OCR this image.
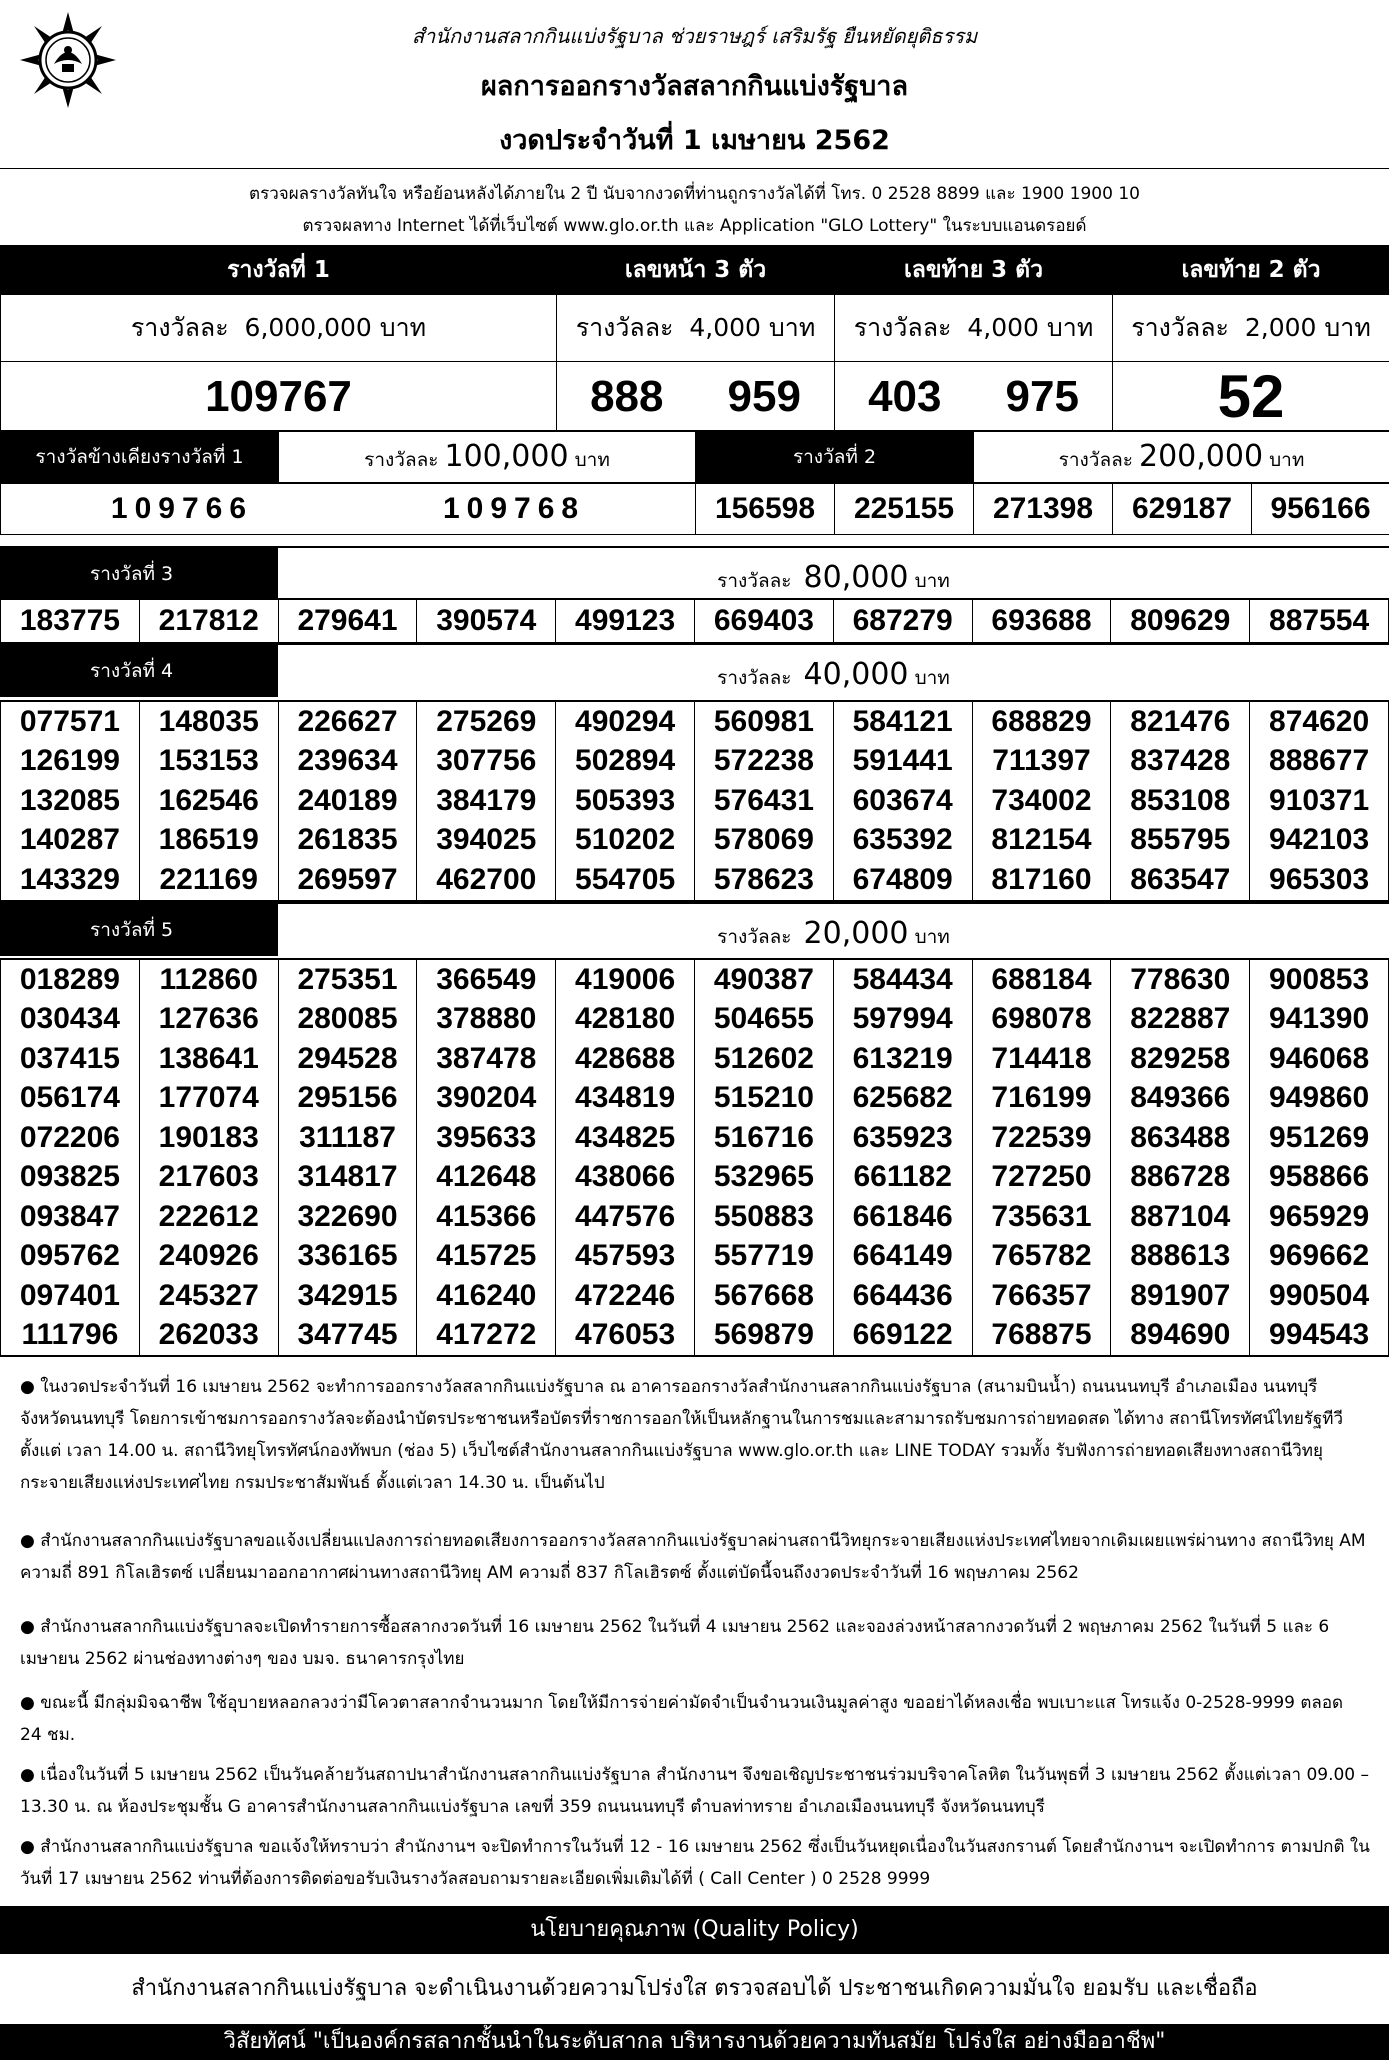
สำนักงานสลากกินแบ่งรัฐบาล ช่วยราษฎร์ เสริมรัฐ ยืนหยัดยุติธรรม
ผลการออกรางวัลสลากกินแบ่งรัฐบาล
งวดประจำวันที่ 1 เมษายน 2562
ตรวจผลรางวัลทันใจ หรือย้อนหลังได้ภายใน 2 ปี นับจากงวดที่ท่านถูกรางวัลได้ที่ โทร. 0 2528 8899 และ 1900 1900 10
ตรวจผลทาง Internet ได้ที่เว็บไซต์ www.glo.or.th และ Application "GLO Lottery" ในระบบแอนดรอยด์
รางวัลที่ 1	เลขหน้า 3 ตัว	เลขท้าย 3 ตัว	เลขท้าย 2 ตัว
รางวัลละ 6,000,000 บาท	รางวัลละ 4,000 บาท	รางวัลละ 4,000 บาท	รางวัลละ 2,000 บาท
109767	888 959	403 975	52
รางวัลข้างเคียงรางวัลที่ 1	รางวัลละ 100,000 บาท	รางวัลที่ 2	รางวัลละ 200,000 บาท
109766	109768	156598	225155	271398	629187	956166
รางวัลที่ 3	รางวัลละ 80,000 บาท
183775	217812	279641	390574	499123	669403	687279	693688	809629	887554
รางวัลที่ 4	รางวัลละ 40,000 บาท
077571	148035	226627	275269	490294	560981	584121	688829	821476	874620
126199	153153	239634	307756	502894	572238	591441	711397	837428	888677
132085	162546	240189	384179	505393	576431	603674	734002	853108	910371
140287	186519	261835	394025	510202	578069	635392	812154	855795	942103
143329	221169	269597	462700	554705	578623	674809	817160	863547	965303
รางวัลที่ 5	รางวัลละ 20,000 บาท
018289	112860	275351	366549	419006	490387	584434	688184	778630	900853
030434	127636	280085	378880	428180	504655	597994	698078	822887	941390
037415	138641	294528	387478	428688	512602	613219	714418	829258	946068
056174	177074	295156	390204	434819	515210	625682	716199	849366	949860
072206	190183	311187	395633	434825	516716	635923	722539	863488	951269
093825	217603	314817	412648	438066	532965	661182	727250	886728	958866
093847	222612	322690	415366	447576	550883	661846	735631	887104	965929
095762	240926	336165	415725	457593	557719	664149	765782	888613	969662
097401	245327	342915	416240	472246	567668	664436	766357	891907	990504
111796	262033	347745	417272	476053	569879	669122	768875	894690	994543
● ในงวดประจำวันที่ 16 เมษายน 2562 จะทำการออกรางวัลสลากกินแบ่งรัฐบาล ณ อาคารออกรางวัลสำนักงานสลากกินแบ่งรัฐบาล (สนามบินน้ำ) ถนนนนทบุรี อำเภอเมือง นนทบุรี จังหวัดนนทบุรี โดยการเข้าชมการออกรางวัลจะต้องนำบัตรประชาชนหรือบัตรที่ราชการออกให้เป็นหลักฐานในการชมและสามารถรับชมการถ่ายทอดสด ได้ทาง สถานีโทรทัศน์ไทยรัฐทีวี ตั้งแต่ เวลา 14.00 น. สถานีวิทยุโทรทัศน์กองทัพบก (ช่อง 5) เว็บไซต์สำนักงานสลากกินแบ่งรัฐบาล www.glo.or.th และ LINE TODAY รวมทั้ง รับฟังการถ่ายทอดเสียงทางสถานีวิทยุกระจายเสียงแห่งประเทศไทย กรมประชาสัมพันธ์ ตั้งแต่เวลา 14.30 น. เป็นต้นไป
● สำนักงานสลากกินแบ่งรัฐบาลขอแจ้งเปลี่ยนแปลงการถ่ายทอดเสียงการออกรางวัลสลากกินแบ่งรัฐบาลผ่านสถานีวิทยุกระจายเสียงแห่งประเทศไทยจากเดิมเผยแพร่ผ่านทาง สถานีวิทยุ AM ความถี่ 891 กิโลเฮิรตซ์ เปลี่ยนมาออกอากาศผ่านทางสถานีวิทยุ AM ความถี่ 837 กิโลเฮิรตซ์ ตั้งแต่บัดนี้จนถึงงวดประจำวันที่ 16 พฤษภาคม 2562
● สำนักงานสลากกินแบ่งรัฐบาลจะเปิดทำรายการซื้อสลากงวดวันที่ 16 เมษายน 2562 ในวันที่ 4 เมษายน 2562 และจองล่วงหน้าสลากงวดวันที่ 2 พฤษภาคม 2562 ในวันที่ 5 และ 6 เมษายน 2562 ผ่านช่องทางต่างๆ ของ บมจ. ธนาคารกรุงไทย
● ขณะนี้ มีกลุ่มมิจฉาชีพ ใช้อุบายหลอกลวงว่ามีโควตาสลากจำนวนมาก โดยให้มีการจ่ายค่ามัดจำเป็นจำนวนเงินมูลค่าสูง ขออย่าได้หลงเชื่อ พบเบาะแส โทรแจ้ง 0-2528-9999 ตลอด 24 ชม.
● เนื่องในวันที่ 5 เมษายน 2562 เป็นวันคล้ายวันสถาปนาสำนักงานสลากกินแบ่งรัฐบาล สำนักงานฯ จึงขอเชิญประชาชนร่วมบริจาคโลหิต ในวันพุธที่ 3 เมษายน 2562 ตั้งแต่เวลา 09.00 – 13.30 น. ณ ห้องประชุมชั้น G อาคารสำนักงานสลากกินแบ่งรัฐบาล เลขที่ 359 ถนนนนทบุรี ตำบลท่าทราย อำเภอเมืองนนทบุรี จังหวัดนนทบุรี
● สำนักงานสลากกินแบ่งรัฐบาล ขอแจ้งให้ทราบว่า สำนักงานฯ จะปิดทำการในวันที่ 12 - 16 เมษายน 2562 ซึ่งเป็นวันหยุดเนื่องในวันสงกรานต์ โดยสำนักงานฯ จะเปิดทำการ ตามปกติ ในวันที่ 17 เมษายน 2562 ท่านที่ต้องการติดต่อขอรับเงินรางวัลสอบถามรายละเอียดเพิ่มเติมได้ที่ ( Call Center ) 0 2528 9999
นโยบายคุณภาพ (Quality Policy)
สำนักงานสลากกินแบ่งรัฐบาล จะดำเนินงานด้วยความโปร่งใส ตรวจสอบได้ ประชาชนเกิดความมั่นใจ ยอมรับ และเชื่อถือ
วิสัยทัศน์ "เป็นองค์กรสลากชั้นนำในระดับสากล บริหารงานด้วยความทันสมัย โปร่งใส อย่างมืออาชีพ"
